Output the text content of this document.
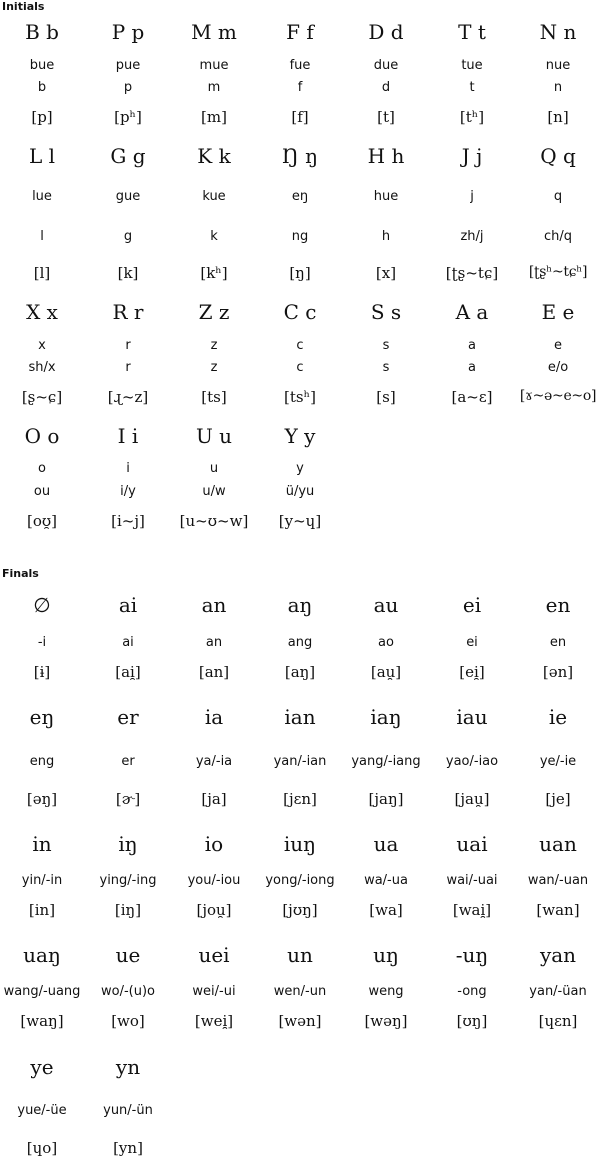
Initials
B b	P p	M m	F f	D d	T t	N n
bue	pue	mue	fue	due	tue	nue
b	p	m	f	d	t	n
[p]	[pʰ]	[m]	[f]	[t]	[tʰ]	[n]
L l	G g	K k	Ŋ ŋ	H h	J j	Q q
lue	gue	kue	eŋ	hue	j	q
l	g	k	ng	h	zh/j	ch/q
[l]	[k]	[kʰ]	[ŋ]	[x]	[ʈʂ~tɕ]	[ʈʂʰ~tɕʰ]
X x	R r	Z z	C c	S s	A a	E e
x	r	z	c	s	a	e
sh/x	r	z	c	s	a	e/o
[ʂ~ɕ]	[ɻ~z]	[ts]	[tsʰ]	[s]	[a~ɛ]	[ɤ~ə~e~o]
O o	I i	U u	Y y
o	i	u	y
ou	i/y	u/w	ü/yu
[oʊ̯]	[i~j]	[u~ʊ~w]	[y~ɥ]
Finals
∅	ai	an	aŋ	au	ei	en
-i	ai	an	ang	ao	ei	en
[ɨ]	[ai̯]	[an]	[aŋ]	[au̯]	[ei̯]	[ən]
eŋ	er	ia	ian	iaŋ	iau	ie
eng	er	ya/-ia	yan/-ian	yang/-iang	yao/-iao	ye/-ie
[əŋ]	[ɚ]	[ja]	[jɛn]	[jaŋ]	[jau̯]	[je]
in	iŋ	io	iuŋ	ua	uai	uan
yin/-in	ying/-ing	you/-iou	yong/-iong	wa/-ua	wai/-uai	wan/-uan
[in]	[iŋ]	[jou̯]	[jʊŋ]	[wa]	[wai̯]	[wan]
uaŋ	ue	uei	un	uŋ	-uŋ	yan
wang/-uang	wo/-(u)o	wei/-ui	wen/-un	weng	-ong	yan/-üan
[waŋ]	[wo]	[wei̯]	[wən]	[wəŋ]	[ʊŋ]	[ɥɛn]
ye	yn
yue/-üe	yun/-ün
[ɥo]	[yn]
